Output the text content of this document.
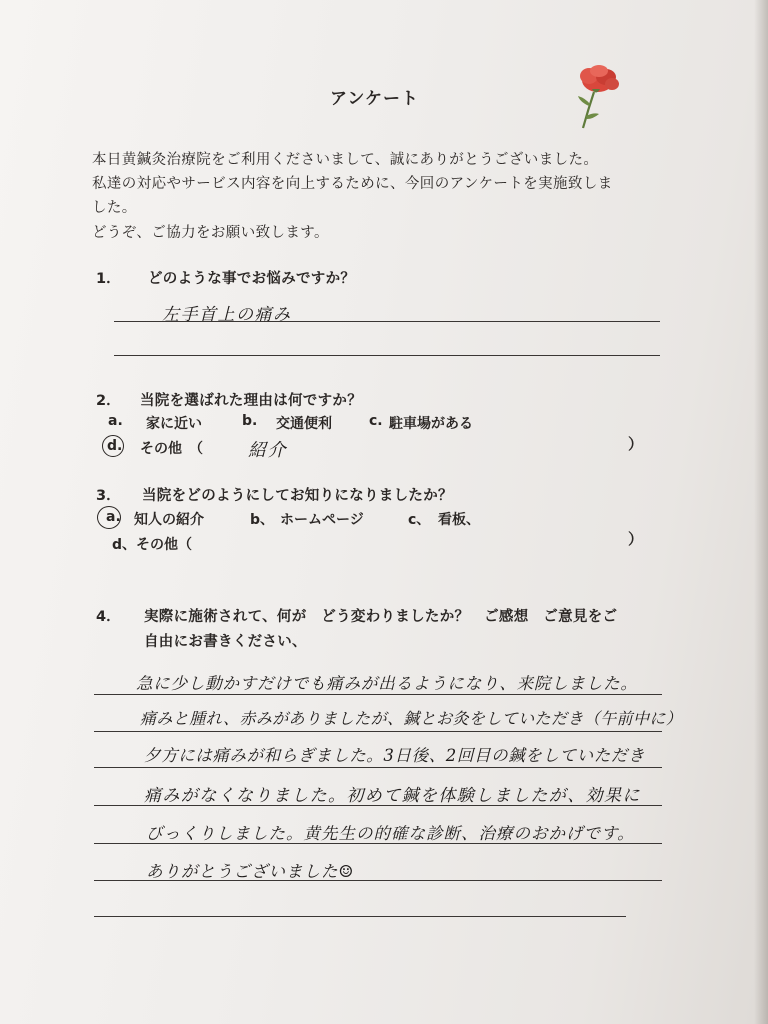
アンケート
本日黄鍼灸治療院をご利用くださいまして、誠にありがとうございました。
私達の対応やサービス内容を向上するために、今回のアンケートを実施致しま
した。
どうぞ、ご協力をお願い致します。
1． どのような事でお悩みですか？
左手首上の痛み
2． 当院を選ばれた理由は何ですか？
a. 家に近い	b. 交通便利	c. 駐車場がある
d. その他　（	紹介	）
3． 当院をどのようにしてお知りになりましたか？
a. 知人の紹介	b、 ホームページ	c、 看板、
d、その他（	）
4． 実際に施術されて、何が　どう変わりましたか？　ご感想　ご意見をご
自由にお書きください、
急に少し動かすだけでも痛みが出るようになり、来院しました。
痛みと腫れ、赤みがありましたが、鍼とお灸をしていただき（午前中に）
夕方には痛みが和らぎました。3日後、2回目の鍼をしていただき
痛みがなくなりました。初めて鍼を体験しましたが、効果に
びっくりしました。黄先生の的確な診断、治療のおかげです。
ありがとうございました☺
